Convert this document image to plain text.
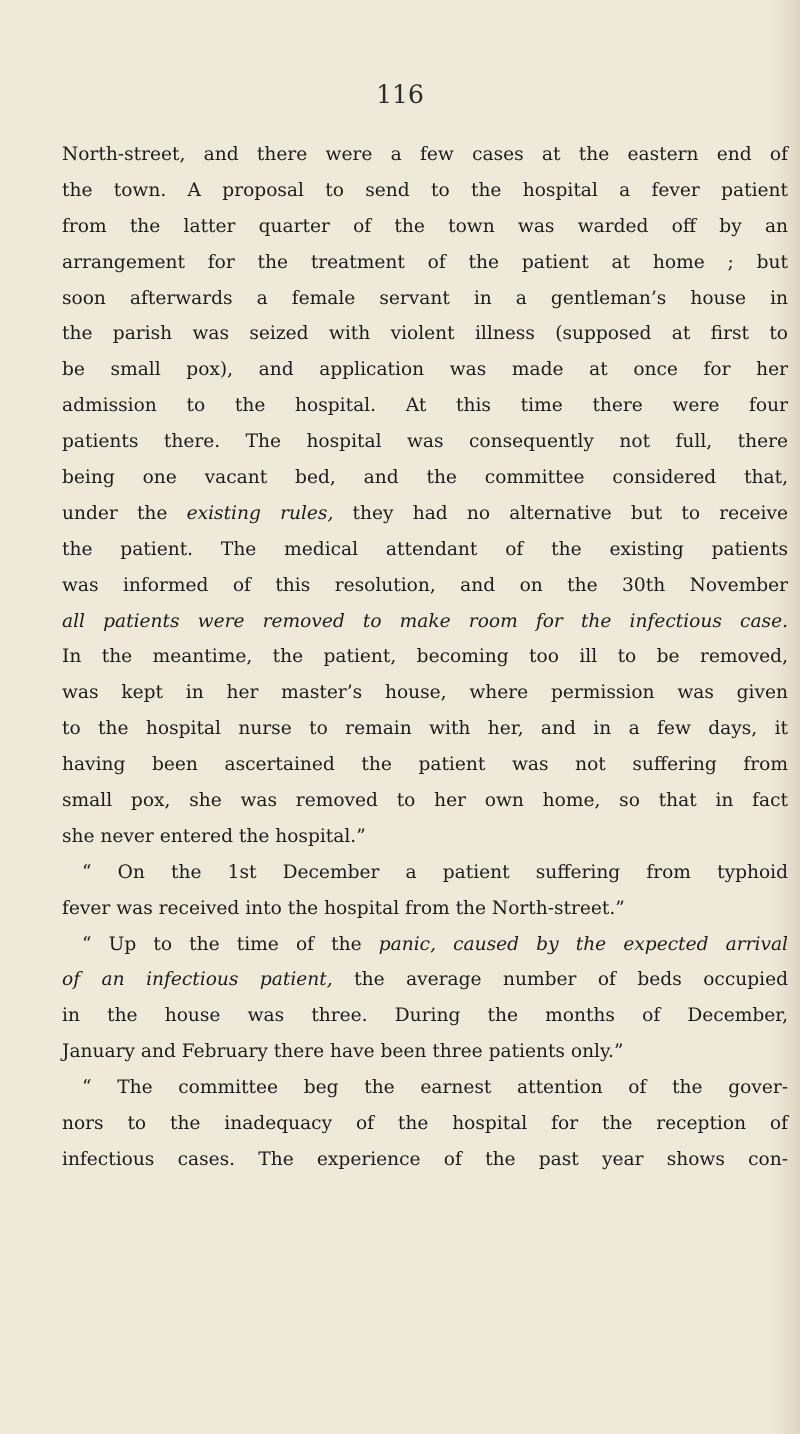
116
North-street, and there were a few cases at the eastern end of
the town. A proposal to send to the hospital a fever patient
from the latter quarter of the town was warded off by an
arrangement for the treatment of the patient at home ; but
soon afterwards a female servant in a gentleman’s house in
the parish was seized with violent illness (supposed at first to
be small pox), and application was made at once for her
admission to the hospital. At this time there were four
patients there. The hospital was consequently not full, there
being one vacant bed, and the committee considered that,
under the existing rules, they had no alternative but to receive
the patient. The medical attendant of the existing patients
was informed of this resolution, and on the 30th November
all patients were removed to make room for the infectious case.
In the meantime, the patient, becoming too ill to be removed,
was kept in her master’s house, where permission was given
to the hospital nurse to remain with her, and in a few days, it
having been ascertained the patient was not suffering from
small pox, she was removed to her own home, so that in fact
she never entered the hospital.”
“ On the 1st December a patient suffering from typhoid
fever was received into the hospital from the North-street.”
“ Up to the time of the panic, caused by the expected arrival
of an infectious patient, the average number of beds occupied
in the house was three. During the months of December,
January and February there have been three patients only.”
“ The committee beg the earnest attention of the gover-
nors to the inadequacy of the hospital for the reception of
infectious cases. The experience of the past year shows con-
